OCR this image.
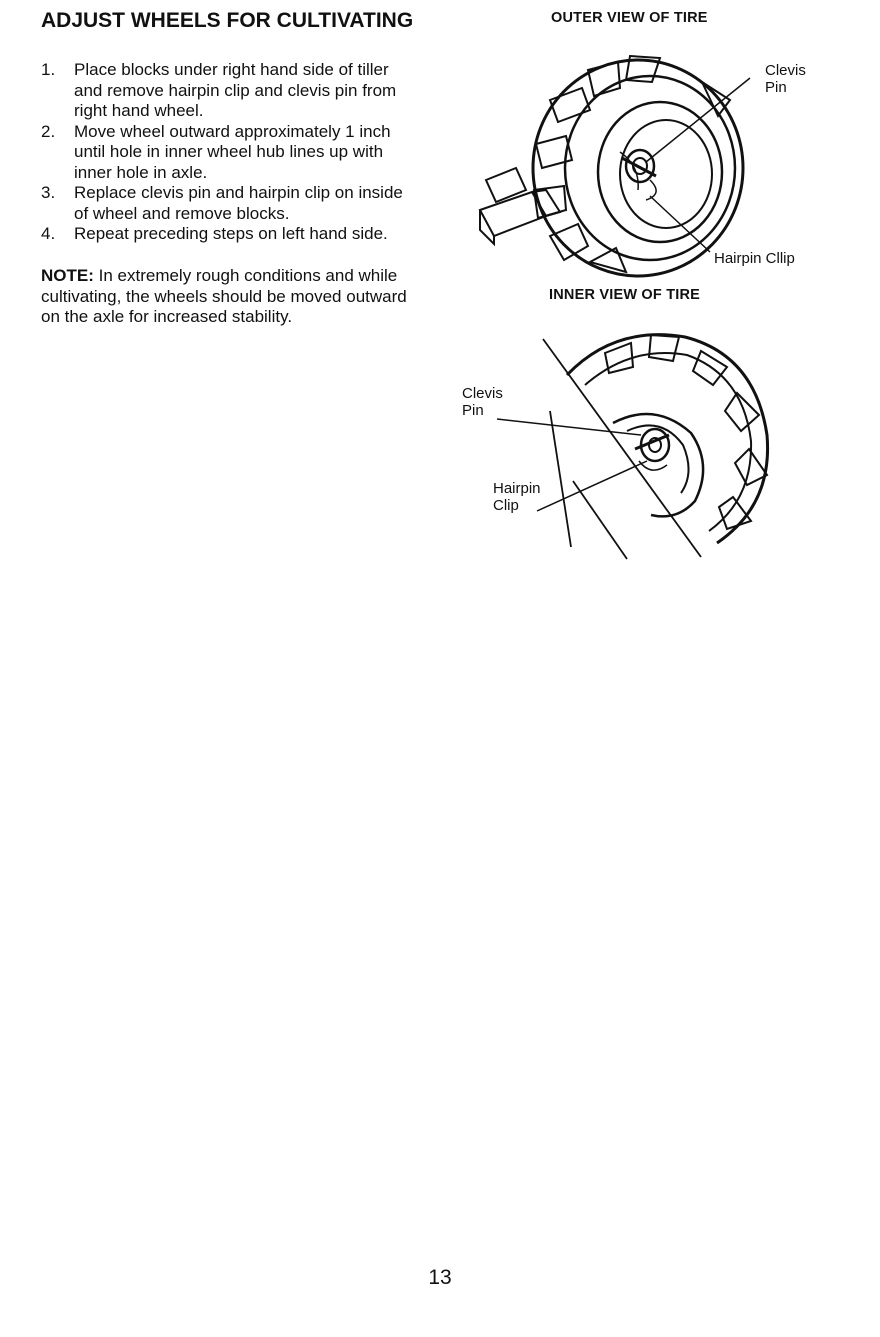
ADJUST WHEELS FOR CULTIVATING
1. Place blocks under right hand side of tiller and remove hairpin clip and clevis pin from right hand wheel.
2. Move wheel outward approximately 1 inch until hole in inner wheel hub lines up with inner hole in axle.
3. Replace clevis pin and hairpin clip on inside of wheel and remove blocks.
4. Repeat preceding steps on left hand side.

NOTE: In extremely rough conditions and while cultivating, the wheels should be moved outward on the axle for increased stability.

OUTER VIEW OF TIRE

Clevis
Pin

Hairpin Cllip

INNER VIEW OF TIRE

Clevis
Pin

Hairpin
Clip

13
